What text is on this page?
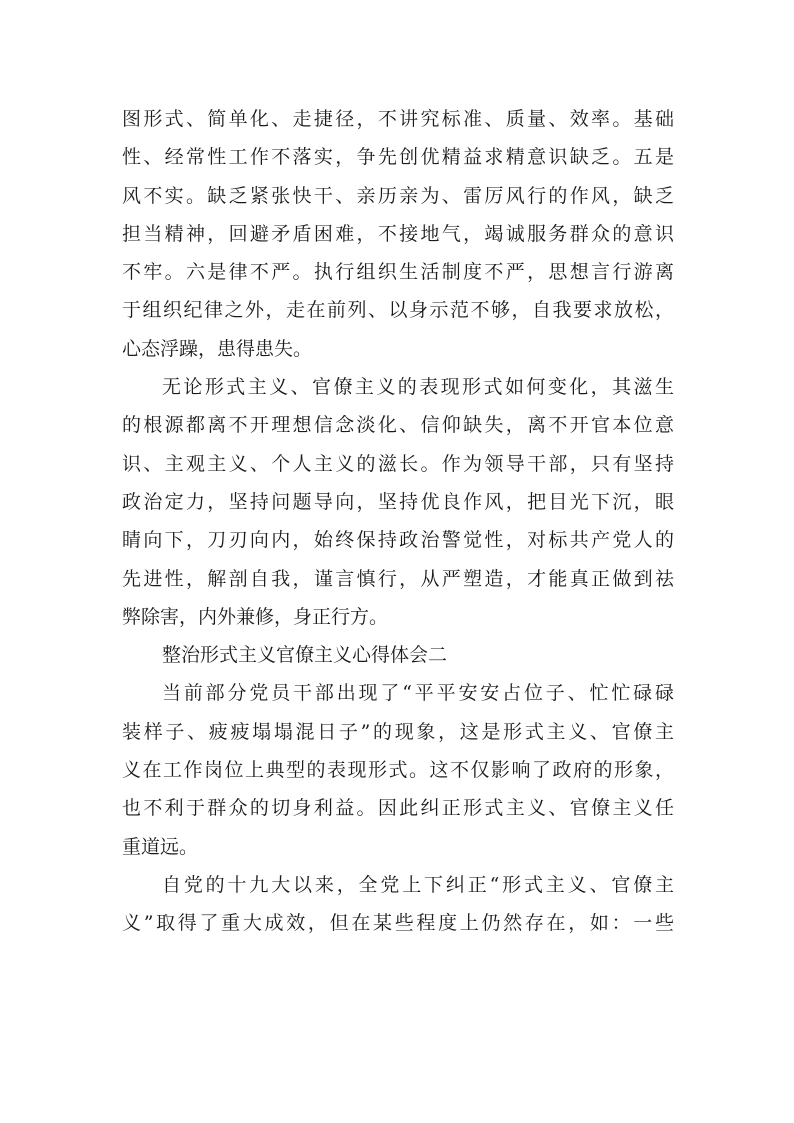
图形式、简单化、走捷径，不讲究标准、质量、效率。基础
性、经常性工作不落实，争先创优精益求精意识缺乏。五是
风不实。缺乏紧张快干、亲历亲为、雷厉风行的作风，缺乏
担当精神，回避矛盾困难，不接地气，竭诚服务群众的意识
不牢。六是律不严。执行组织生活制度不严，思想言行游离
于组织纪律之外，走在前列、以身示范不够，自我要求放松，
心态浮躁，患得患失。
无论形式主义、官僚主义的表现形式如何变化，其滋生
的根源都离不开理想信念淡化、信仰缺失，离不开官本位意
识、主观主义、个人主义的滋长。作为领导干部，只有坚持
政治定力，坚持问题导向，坚持优良作风，把目光下沉，眼
睛向下，刀刃向内，始终保持政治警觉性，对标共产党人的
先进性，解剖自我，谨言慎行，从严塑造，才能真正做到祛
弊除害，内外兼修，身正行方。
整治形式主义官僚主义心得体会二
当前部分党员干部出现了“平平安安占位子、忙忙碌碌
装样子、疲疲塌塌混日子”的现象，这是形式主义、官僚主
义在工作岗位上典型的表现形式。这不仅影响了政府的形象，
也不利于群众的切身利益。因此纠正形式主义、官僚主义任
重道远。
自党的十九大以来，全党上下纠正“形式主义、官僚主
义”取得了重大成效，但在某些程度上仍然存在，如：一些
